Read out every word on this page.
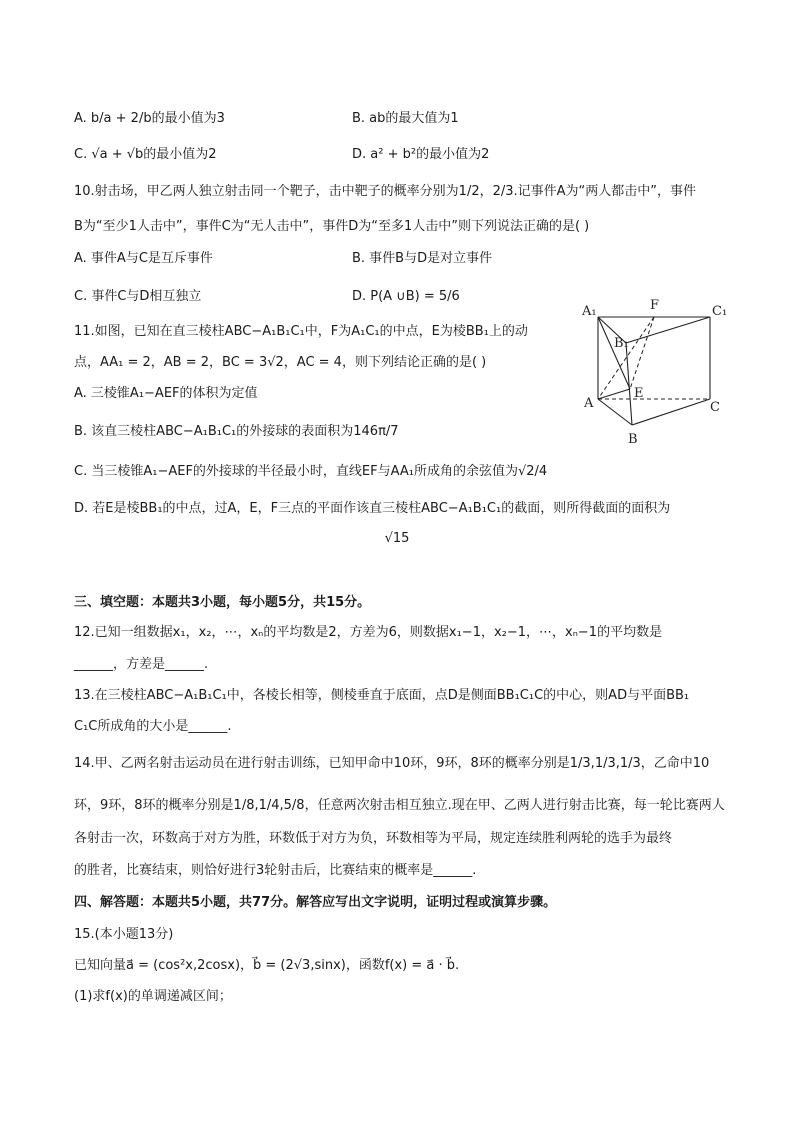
A. b/a + 2/b的最小值为3	B. ab的最大值为1
C. √a + √b的最小值为2	D. a² + b²的最小值为2
10.射击场，甲乙两人独立射击同一个靶子，击中靶子的概率分别为1/2，2/3.记事件A为“两人都击中”，事件
B为“至少1人击中”，事件C为“无人击中”，事件D为“至多1人击中”则下列说法正确的是( )
A. 事件A与C是互斥事件	B. 事件B与D是对立事件
C. 事件C与D相互独立	D. P(A ∪B) = 5/6
11.如图，已知在直三棱柱ABC−A₁B₁C₁中，F为A₁C₁的中点，E为棱BB₁上的动
点，AA₁ = 2，AB = 2，BC = 3√2，AC = 4，则下列结论正确的是( )
A. 三棱锥A₁−AEF的体积为定值
B. 该直三棱柱ABC−A₁B₁C₁的外接球的表面积为146π/7
C. 当三棱锥A₁−AEF的外接球的半径最小时，直线EF与AA₁所成角的余弦值为√2/4
D. 若E是棱BB₁的中点，过A，E，F三点的平面作该直三棱柱ABC−A₁B₁C₁的截面，则所得截面的面积为
√15
A₁	F	C₁
B₁
E
A	C
B
三、填空题：本题共3小题，每小题5分，共15分。
12.已知一组数据x₁，x₂，⋯，xₙ的平均数是2，方差为6，则数据x₁−1，x₂−1，⋯，xₙ−1的平均数是
______，方差是______.
13.在三棱柱ABC−A₁B₁C₁中，各棱长相等，侧棱垂直于底面，点D是侧面BB₁C₁C的中心，则AD与平面BB₁
C₁C所成角的大小是______.
14.甲、乙两名射击运动员在进行射击训练，已知甲命中10环，9环，8环的概率分别是1/3,1/3,1/3，乙命中10
环，9环，8环的概率分别是1/8,1/4,5/8，任意两次射击相互独立.现在甲、乙两人进行射击比赛，每一轮比赛两人
各射击一次，环数高于对方为胜，环数低于对方为负，环数相等为平局，规定连续胜利两轮的选手为最终
的胜者，比赛结束，则恰好进行3轮射击后，比赛结束的概率是______.
四、解答题：本题共5小题，共77分。解答应写出文字说明，证明过程或演算步骤。
15.(本小题13分)
已知向量a⃗ = (cos²x,2cosx)，b⃗ = (2√3,sinx)，函数f(x) = a⃗ · b⃗.
(1)求f(x)的单调递减区间；
